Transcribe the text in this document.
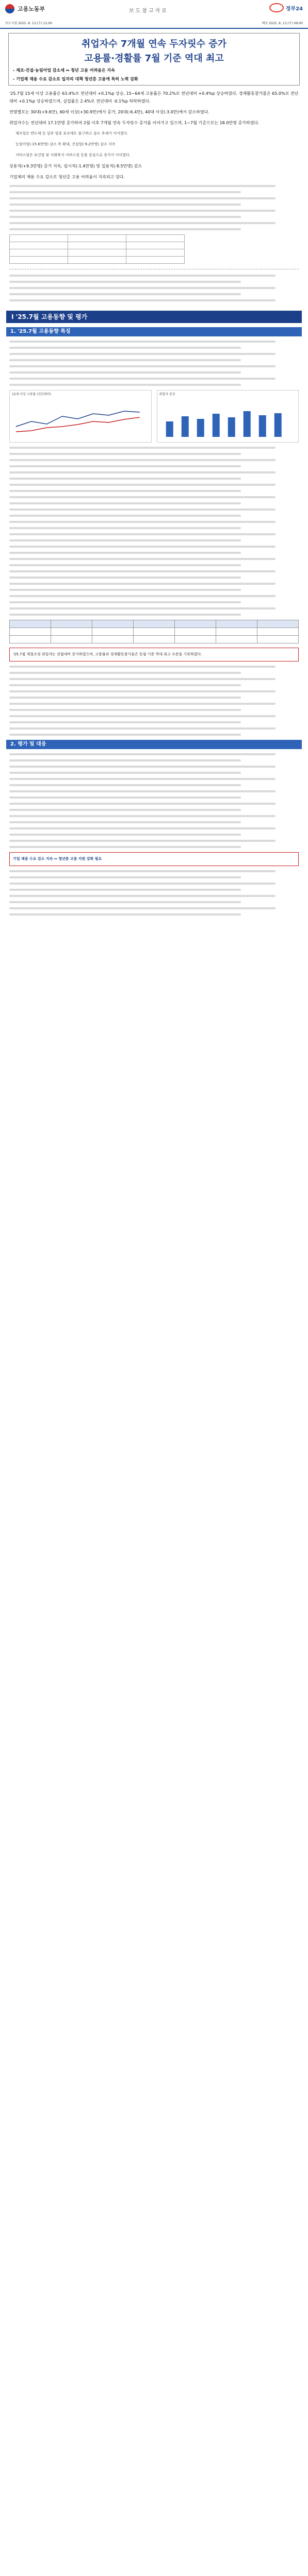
고용노동부	보도참고자료	정부24
보도시점 2025. 8. 13.(수) 12:00	배포 2025. 8. 13.(수) 09:00
취업자수 7개월 연속 두자릿수 증가
고용률·경활률 7월 기준 역대 최고
- 제조·건설·농림어업 감소세 ↔ 청년 고용 어려움은 지속
- 기업체 채용 수요 감소로 일자리 대책 청년층 고용에 특히 노력 강화

'25.7월 15세 이상 고용률은 63.4%로 전년대비 +0.1%p 상승, 15~64세 고용률은 70.2%로 전년대비 +0.4%p 상승하였다. 경제활동참가율은 65.0%로 전년대비 +0.1%p 상승하였으며, 실업률은 2.4%로 전년대비 -0.1%p 하락하였다.

연령별로는 30대(+9.6만), 60세 이상(+30.9만)에서 증가, 20대(-6.4만), 40대 이상(-3.0만)에서 감소하였다.

취업자수는 전년대비 17.1만명 증가하여 2월 이후 7개월 연속 두자릿수 증가를 이어가고 있으며, 1~7월 기준으로는 18.0만명 증가하였다.

제조업은 반도체 등 일부 업종 호조에도 불구하고 감소 추세가 이어졌다.

농림어업(-15.6만명) 감소 폭 확대, 건설업(-9.2만명) 감소 지속

서비스업은 보건업 및 사회복지 서비스업 등을 중심으로 증가가 이어졌다.

상용직(+9.3만명) 증가 지속, 임시직(-1.4만명) 및 일용직(-8.5만명) 감소

기업체의 채용 수요 감소로 청년층 고용 어려움이 지속되고 있다.

Ⅰ '25.7월 고용동향 및 평가
1. '25.7월 고용동향 특징
15세 이상 고용률 (전년대비)	취업자 증감

'25.7월 계절조정 취업자는 전월대비 증가하였으며, 고용률과 경제활동참가율은 동월 기준 역대 최고 수준을 기록하였다.
2. 평가 및 대응
기업 채용 수요 감소 지속 ↔ 청년층 고용 지원 강화 필요
